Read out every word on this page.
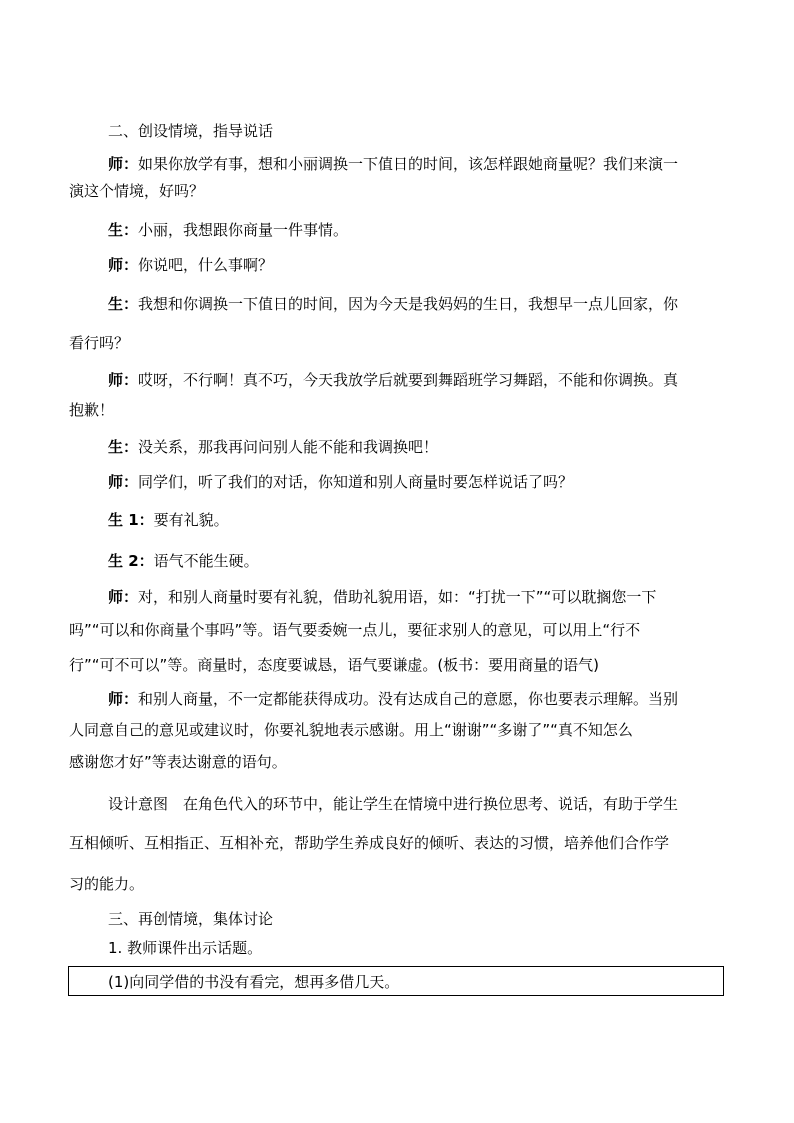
二、创设情境，指导说话
师：如果你放学有事，想和小丽调换一下值日的时间，该怎样跟她商量呢？我们来演一
演这个情境，好吗？
生：小丽，我想跟你商量一件事情。
师：你说吧，什么事啊？
生：我想和你调换一下值日的时间，因为今天是我妈妈的生日，我想早一点儿回家，你
看行吗？
师：哎呀，不行啊！真不巧，今天我放学后就要到舞蹈班学习舞蹈，不能和你调换。真
抱歉！
生：没关系，那我再问问别人能不能和我调换吧！
师：同学们，听了我们的对话，你知道和别人商量时要怎样说话了吗？
生 1：要有礼貌。
生 2：语气不能生硬。
师：对，和别人商量时要有礼貌，借助礼貌用语，如：“打扰一下”“可以耽搁您一下
吗”“可以和你商量个事吗”等。语气要委婉一点儿，要征求别人的意见，可以用上“行不
行”“可不可以”等。商量时，态度要诚恳，语气要谦虚。(板书：要用商量的语气)
师：和别人商量，不一定都能获得成功。没有达成自己的意愿，你也要表示理解。当别
人同意自己的意见或建议时，你要礼貌地表示感谢。用上“谢谢”“多谢了”“真不知怎么
感谢您才好”等表达谢意的语句。
设计意图　在角色代入的环节中，能让学生在情境中进行换位思考、说话，有助于学生
互相倾听、互相指正、互相补充，帮助学生养成良好的倾听、表达的习惯，培养他们合作学
习的能力。
三、再创情境，集体讨论
1. 教师课件出示话题。
(1)向同学借的书没有看完，想再多借几天。
